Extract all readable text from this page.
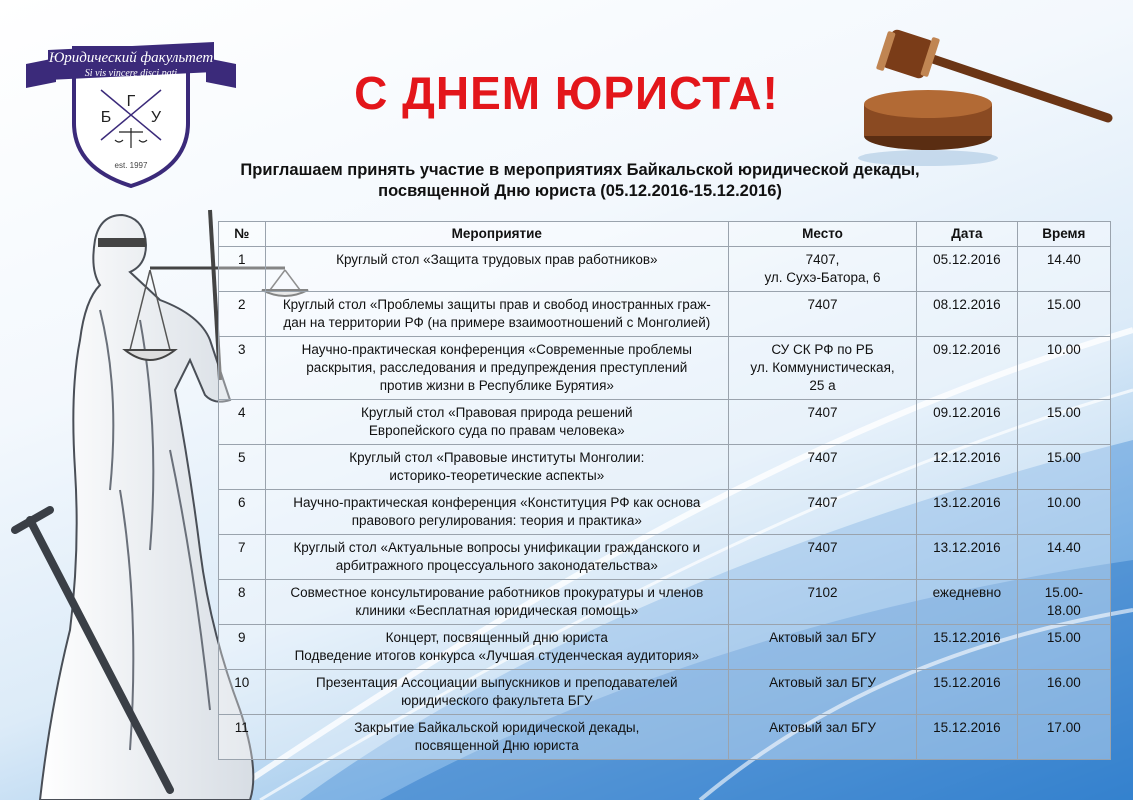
Юридический факультет
Si vis vincere disci pati
Г
Б У
est. 1997
С ДНЕМ ЮРИСТА!
Приглашаем принять участие в мероприятиях Байкальской юридической декады,
посвященной Дню юриста (05.12.2016-15.12.2016)
№	Мероприятие	Место	Дата	Время
1	Круглый стол «Защита трудовых прав работников»	7407,
ул. Сухэ-Батора, 6	05.12.2016	14.40
2	Круглый стол «Проблемы защиты прав и свобод иностранных граж-
дан на территории РФ (на примере взаимоотношений с Монголией)	7407	08.12.2016	15.00
3	Научно-практическая конференция «Современные проблемы
раскрытия, расследования и предупреждения преступлений
против жизни в Республике Бурятия»	СУ СК РФ по РБ
ул. Коммунистическая,
25 а	09.12.2016	10.00
4	Круглый стол «Правовая природа решений
Европейского суда по правам человека»	7407	09.12.2016	15.00
5	Круглый стол «Правовые институты Монголии:
историко-теоретические аспекты»	7407	12.12.2016	15.00
6	Научно-практическая конференция «Конституция РФ как основа
правового регулирования: теория и практика»	7407	13.12.2016	10.00
7	Круглый стол «Актуальные вопросы унификации гражданского и
арбитражного процессуального законодательства»	7407	13.12.2016	14.40
8	Совместное консультирование работников прокуратуры и членов
клиники «Бесплатная юридическая помощь»	7102	ежедневно	15.00-
18.00
9	Концерт, посвященный дню юриста
Подведение итогов конкурса «Лучшая студенческая аудитория»	Актовый зал БГУ	15.12.2016	15.00
10	Презентация Ассоциации выпускников и преподавателей
юридического факультета БГУ	Актовый зал БГУ	15.12.2016	16.00
11	Закрытие Байкальской юридической декады,
посвященной Дню юриста	Актовый зал БГУ	15.12.2016	17.00
